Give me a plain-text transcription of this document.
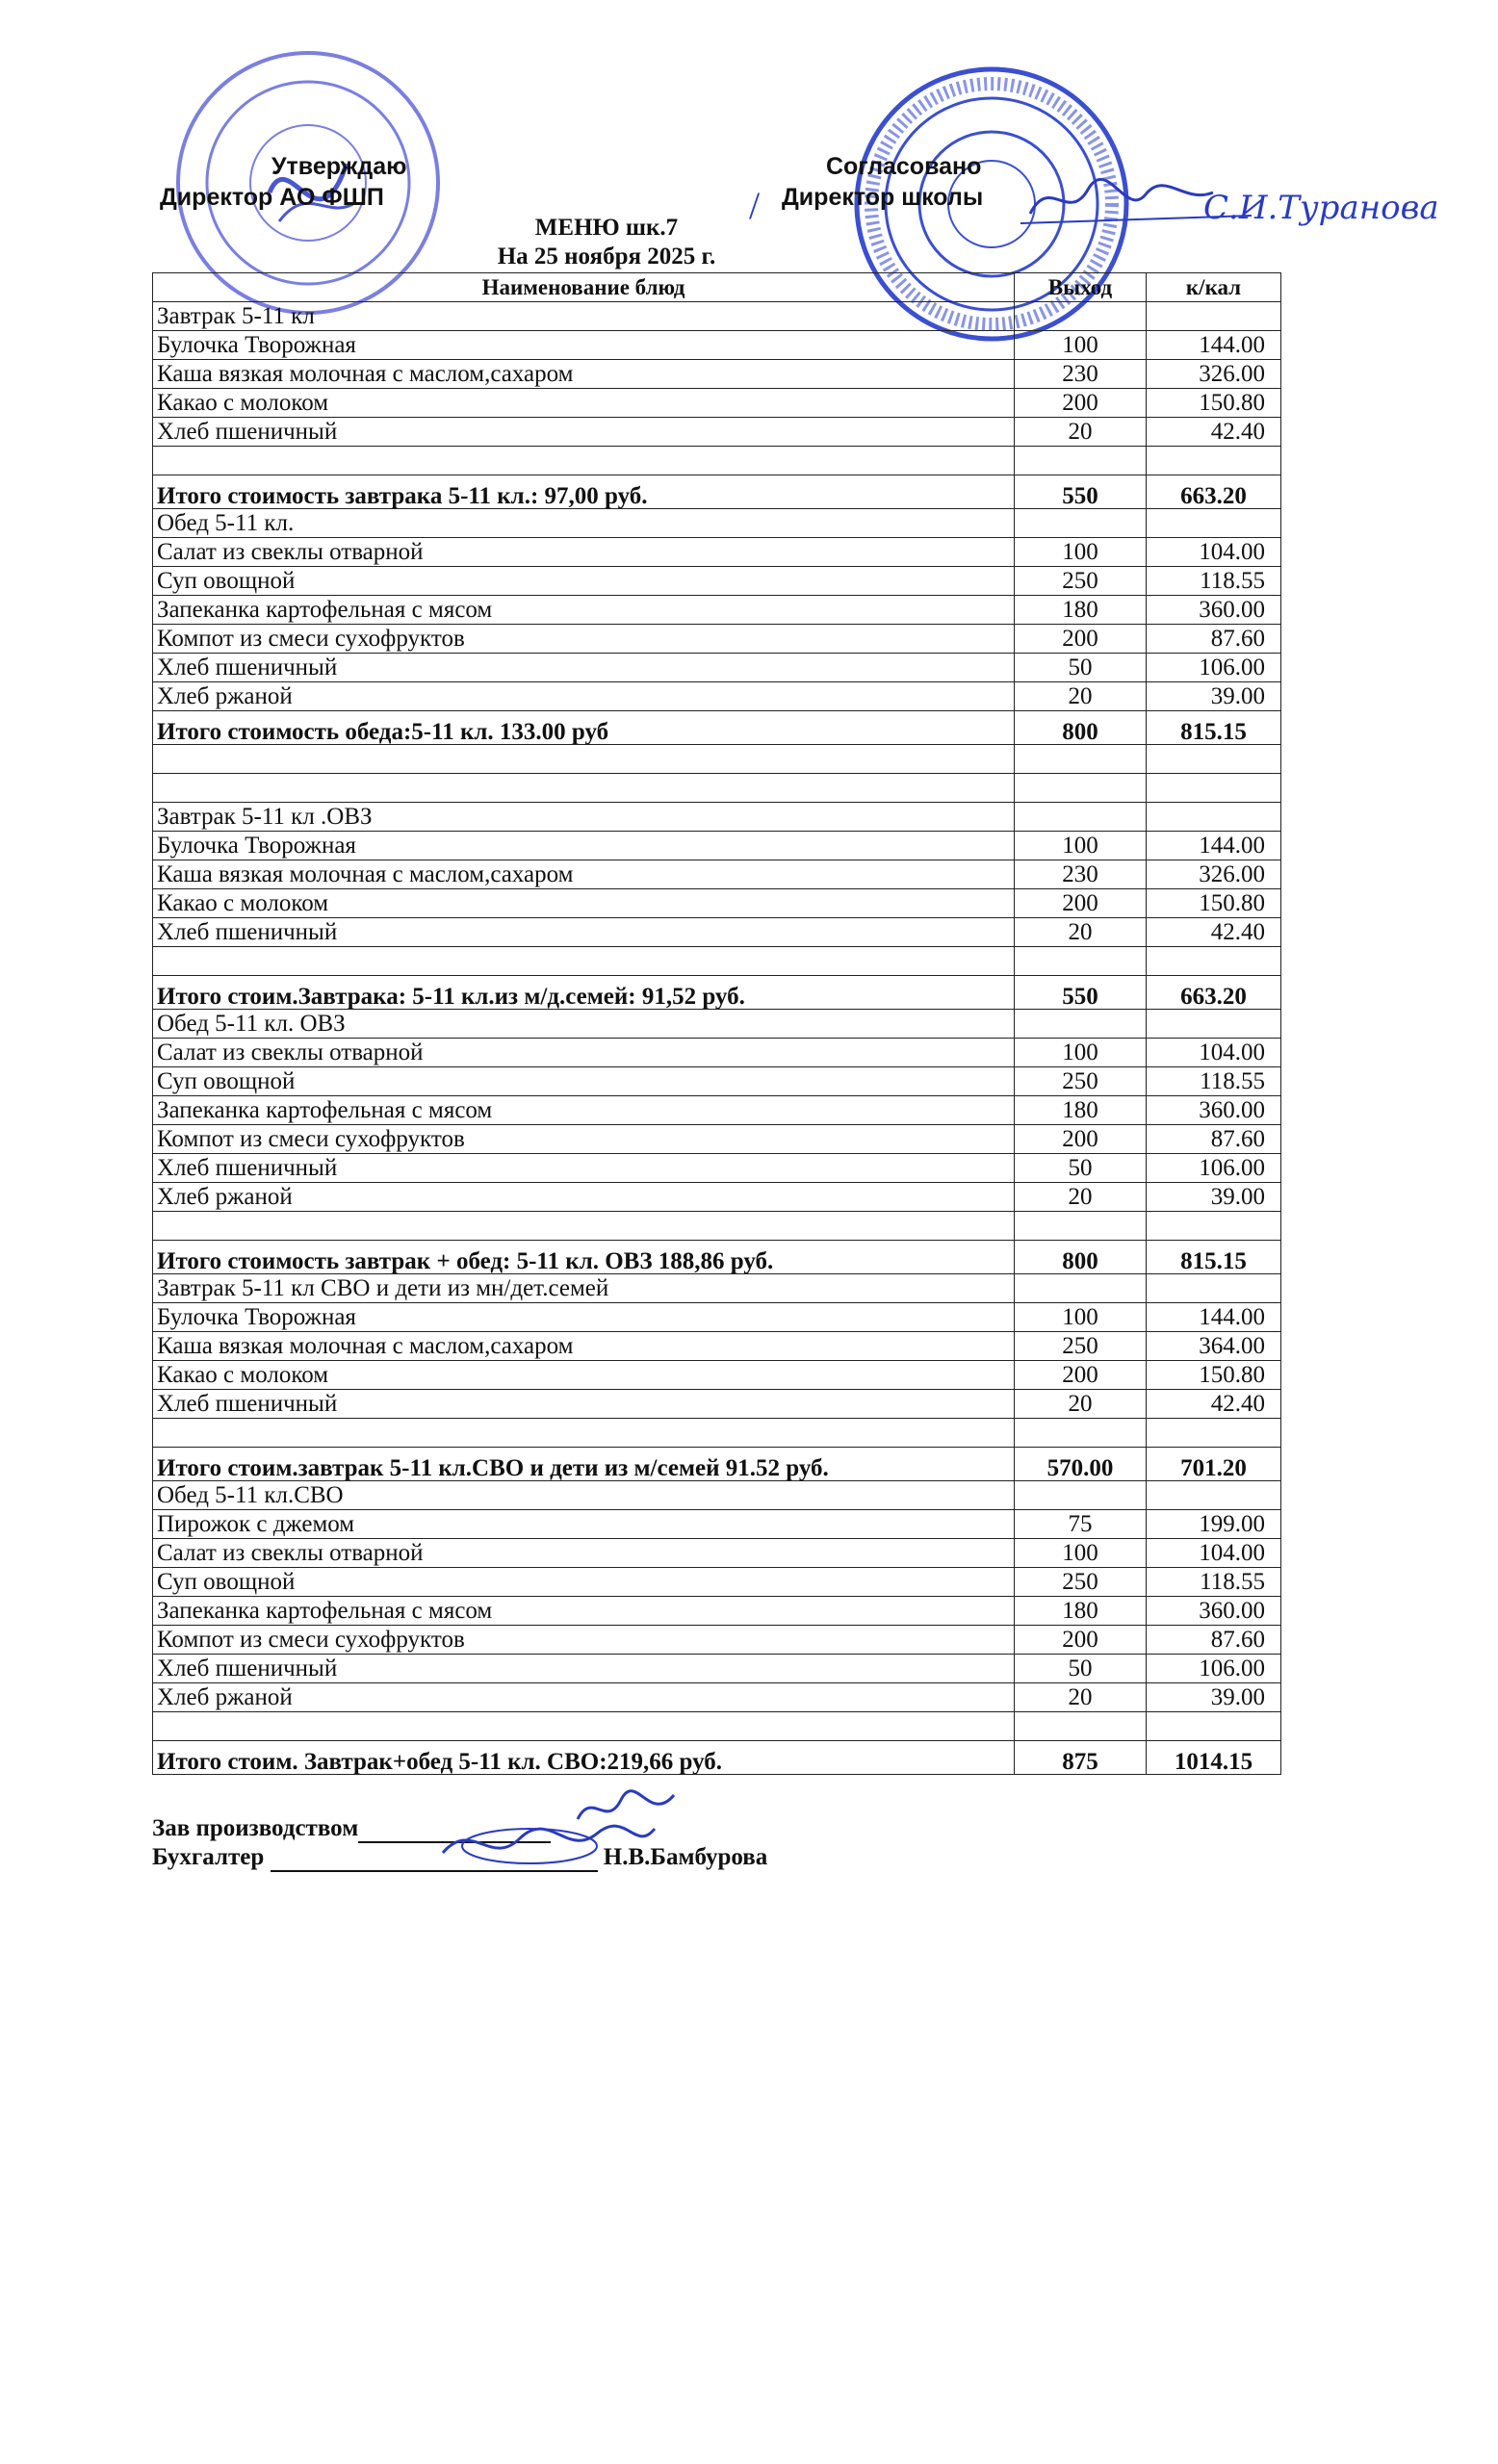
Утверждаю
Директор АО ФШП
Согласовано
Директор школы	С.И.Туранова
/
МЕНЮ шк.7
На 25 ноября 2025 г.
Наименование блюд	Выход	к/кал
Завтрак 5-11 кл		
Булочка Творожная	100	144.00
Каша вязкая молочная с маслом,сахаром	230	326.00
Какао с молоком	200	150.80
Хлеб пшеничный	20	42.40

Итого стоимость завтрака 5-11 кл.: 97,00 руб.	550	663.20
Обед 5-11 кл.		
Салат из свеклы отварной	100	104.00
Суп овощной	250	118.55
Запеканка картофельная с мясом	180	360.00
Компот из смеси сухофруктов	200	87.60
Хлеб пшеничный	50	106.00
Хлеб ржаной	20	39.00
Итого стоимость обеда:5-11 кл. 133.00 руб	800	815.15

Завтрак 5-11 кл .ОВЗ		
Булочка Творожная	100	144.00
Каша вязкая молочная с маслом,сахаром	230	326.00
Какао с молоком	200	150.80
Хлеб пшеничный	20	42.40

Итого стоим.Завтрака: 5-11 кл.из м/д.семей: 91,52 руб.	550	663.20
Обед 5-11 кл. ОВЗ		
Салат из свеклы отварной	100	104.00
Суп овощной	250	118.55
Запеканка картофельная с мясом	180	360.00
Компот из смеси сухофруктов	200	87.60
Хлеб пшеничный	50	106.00
Хлеб ржаной	20	39.00

Итого стоимость завтрак + обед: 5-11 кл. ОВЗ 188,86 руб.	800	815.15
Завтрак 5-11 кл СВО и дети из мн/дет.семей		
Булочка Творожная	100	144.00
Каша вязкая молочная с маслом,сахаром	250	364.00
Какао с молоком	200	150.80
Хлеб пшеничный	20	42.40

Итого стоим.завтрак 5-11 кл.СВО и дети из м/семей 91.52 руб.	570.00	701.20
Обед 5-11 кл.СВО		
Пирожок с джемом	75	199.00
Салат из свеклы отварной	100	104.00
Суп овощной	250	118.55
Запеканка картофельная с мясом	180	360.00
Компот из смеси сухофруктов	200	87.60
Хлеб пшеничный	50	106.00
Хлеб ржаной	20	39.00

Итого стоим. Завтрак+обед 5-11 кл. СВО:219,66 руб.	875	1014.15
Зав производством
Бухгалтер	Н.В.Бамбурова
